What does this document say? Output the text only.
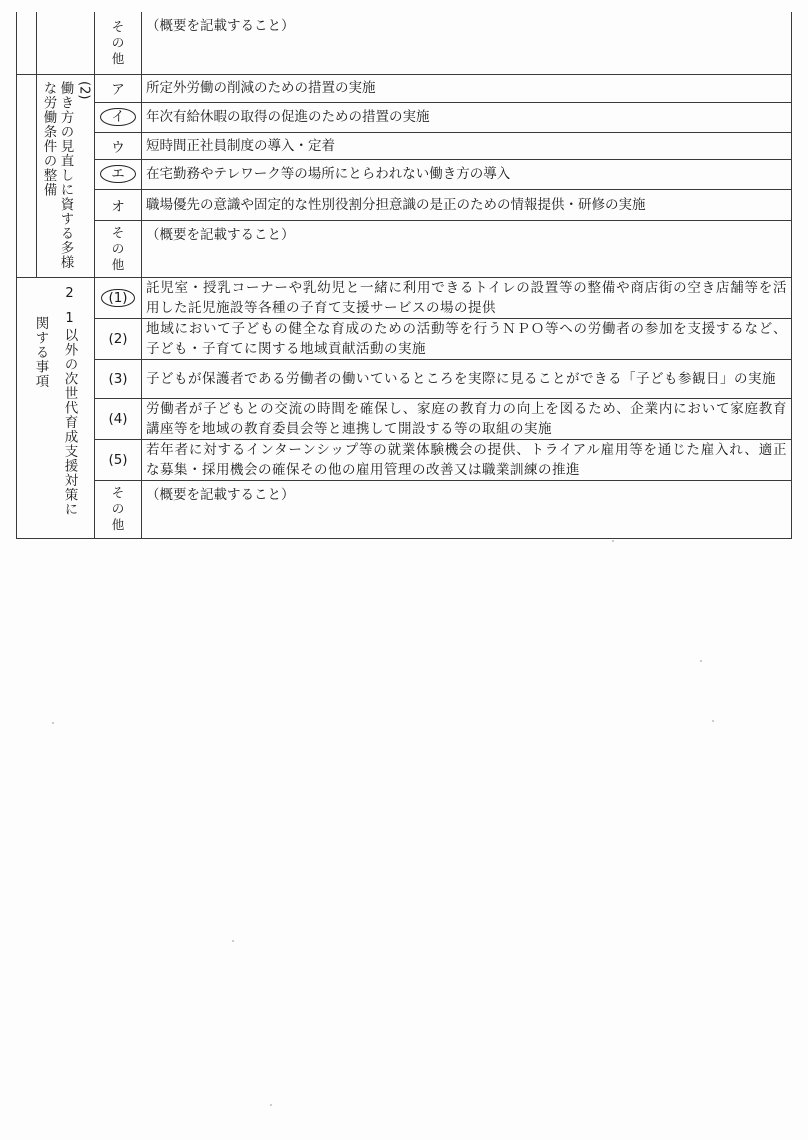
		その他	（概要を記載すること）

	(2)
働き方の見直しに資する多様な労働条件の整備	ア	所定外労働の削減のための措置の実施
		イ	年次有給休暇の取得の促進のための措置の実施
		ウ	短時間正社員制度の導入・定着
		エ	在宅勤務やテレワーク等の場所にとらわれない働き方の導入
		オ	職場優先の意識や固定的な性別役割分担意識の是正のための情報提供・研修の実施
		その他	（概要を記載すること）

2
1
以外の次世代育成支援対策に
関する事項		(1)	託児室・授乳コーナーや乳幼児と一緒に利用できるトイレの設置等の整備や商店街の空き店舗等を活用した託児施設等各種の子育て支援サービスの場の提供
		(2)	地域において子どもの健全な育成のための活動等を行うＮＰＯ等への労働者の参加を支援するなど、子ども・子育てに関する地域貢献活動の実施
		(3)	子どもが保護者である労働者の働いているところを実際に見ることができる「子ども参観日」の実施
		(4)	労働者が子どもとの交流の時間を確保し、家庭の教育力の向上を図るため、企業内において家庭教育講座等を地域の教育委員会等と連携して開設する等の取組の実施
		(5)	若年者に対するインターンシップ等の就業体験機会の提供、トライアル雇用等を通じた雇入れ、適正な募集・採用機会の確保その他の雇用管理の改善又は職業訓練の推進
		その他	（概要を記載すること）
